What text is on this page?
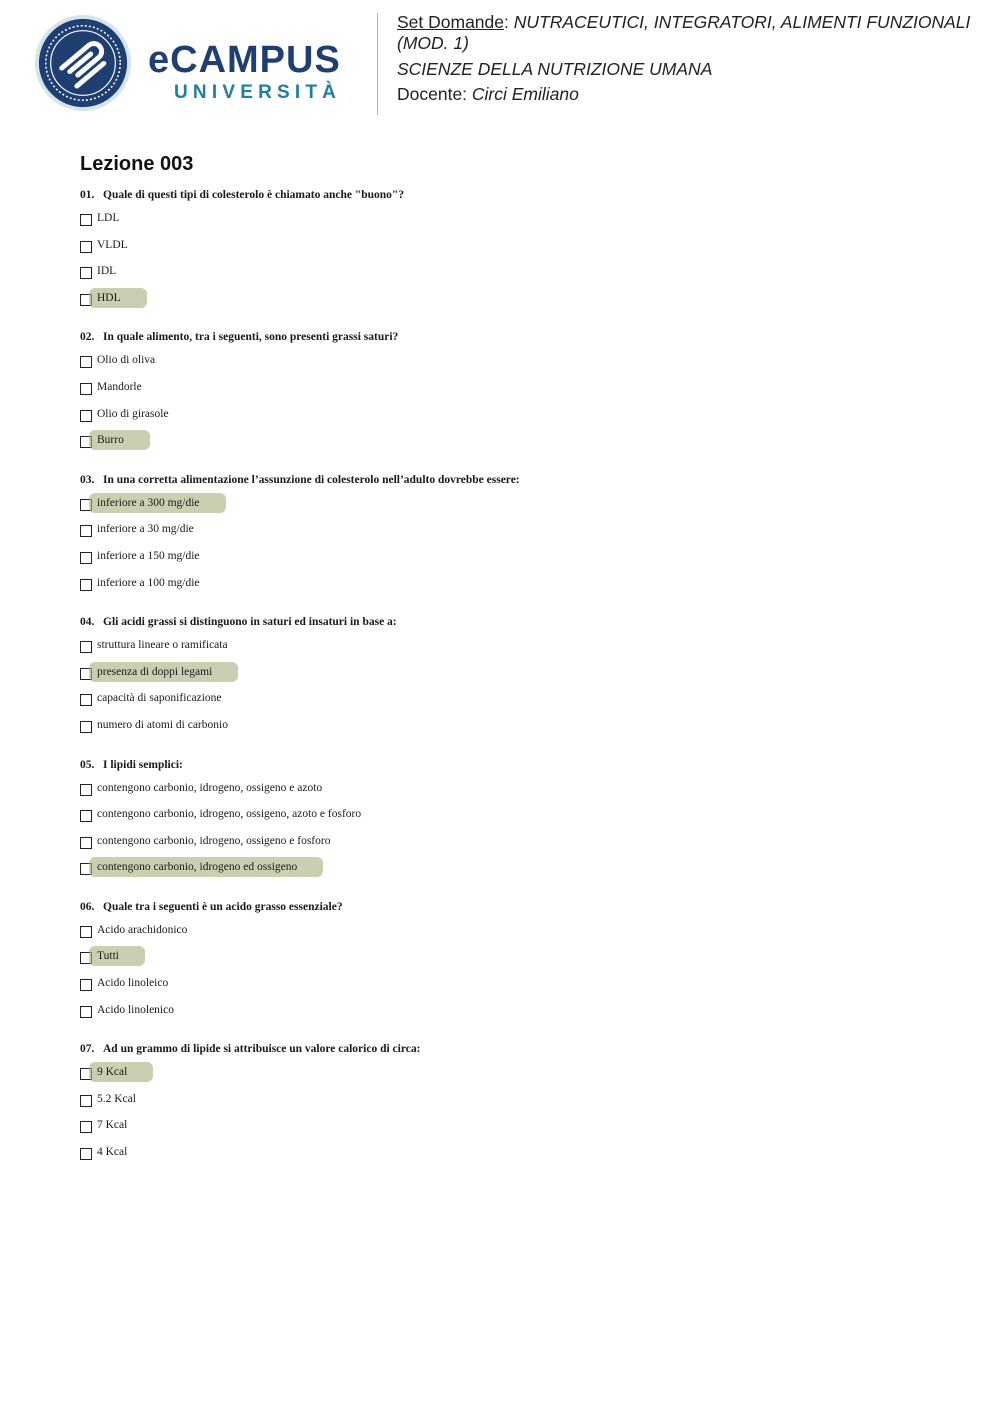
eCAMPUS
UNIVERSITÀ
Set Domande: NUTRACEUTICI, INTEGRATORI, ALIMENTI FUNZIONALI (MOD. 1)
SCIENZE DELLA NUTRIZIONE UMANA
Docente: Circi Emiliano
Lezione 003
01. Quale di questi tipi di colesterolo è chiamato anche "buono"?
LDL
VLDL
IDL
HDL
02. In quale alimento, tra i seguenti, sono presenti grassi saturi?
Olio di oliva
Mandorle
Olio di girasole
Burro
03. In una corretta alimentazione l’assunzione di colesterolo nell’adulto dovrebbe essere:
inferiore a 300 mg/die
inferiore a 30 mg/die
inferiore a 150 mg/die
inferiore a 100 mg/die
04. Gli acidi grassi si distinguono in saturi ed insaturi in base a:
struttura lineare o ramificata
presenza di doppi legami
capacità di saponificazione
numero di atomi di carbonio
05. I lipidi semplici:
contengono carbonio, idrogeno, ossigeno e azoto
contengono carbonio, idrogeno, ossigeno, azoto e fosforo
contengono carbonio, idrogeno, ossigeno e fosforo
contengono carbonio, idrogeno ed ossigeno
06. Quale tra i seguenti è un acido grasso essenziale?
Acido arachidonico
Tutti
Acido linoleico
Acido linolenico
07. Ad un grammo di lipide si attribuisce un valore calorico di circa:
9 Kcal
5.2 Kcal
7 Kcal
4 Kcal
